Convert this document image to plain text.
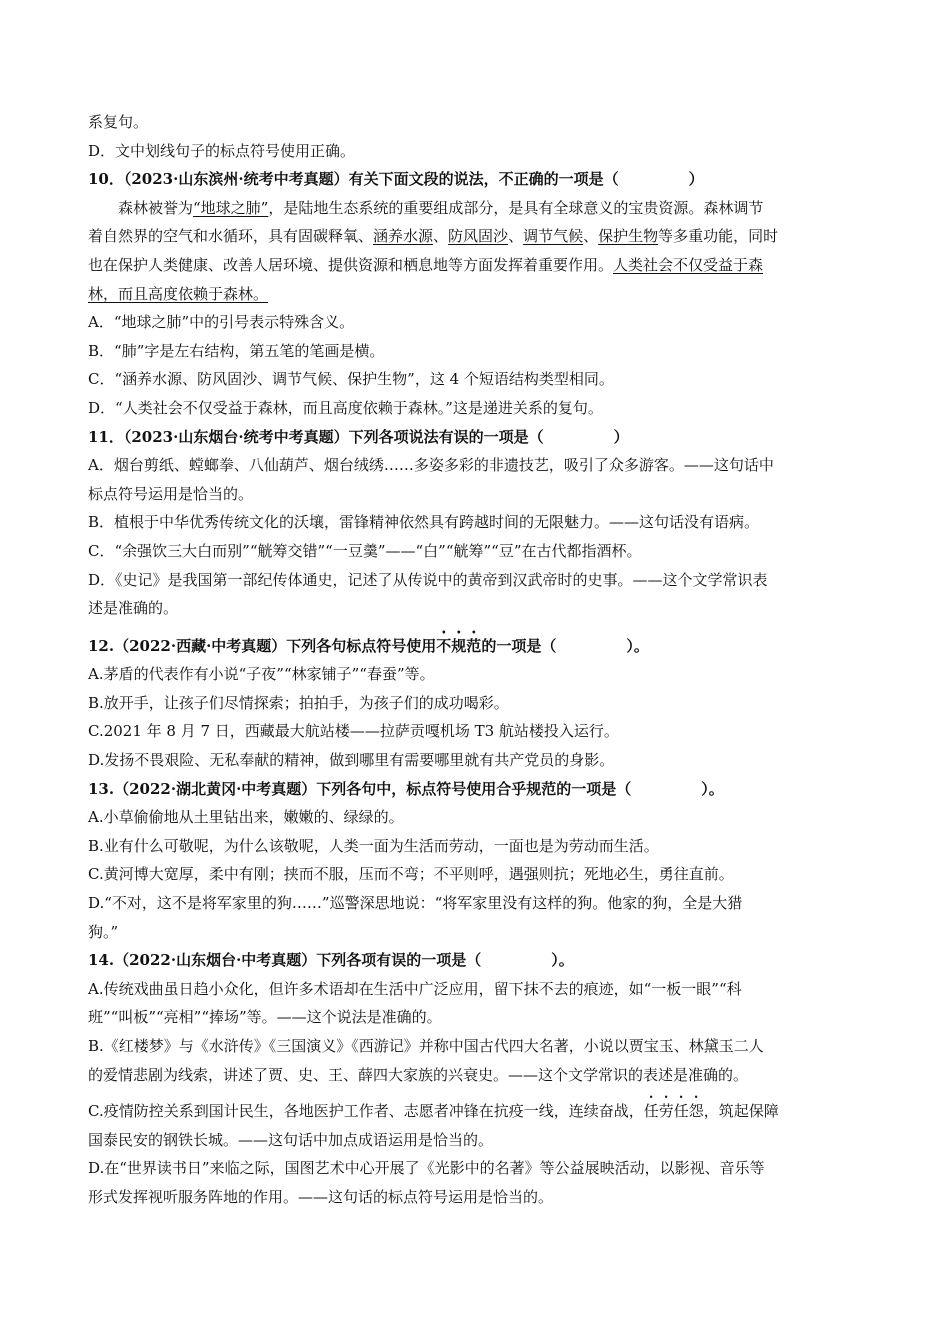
系复句。

D．文中划线句子的标点符号使用正确。

10．（2023·山东滨州·统考中考真题）有关下面文段的说法，不正确的一项是（	）

森林被誉为“地球之肺”，是陆地生态系统的重要组成部分，是具有全球意义的宝贵资源。森林调节

着自然界的空气和水循环，具有固碳释氧、涵养水源、防风固沙、调节气候、保护生物等多重功能，同时

也在保护人类健康、改善人居环境、提供资源和栖息地等方面发挥着重要作用。人类社会不仅受益于森

林，而且高度依赖于森林。

A．“地球之肺”中的引号表示特殊含义。

B．“肺”字是左右结构，第五笔的笔画是横。

C．“涵养水源、防风固沙、调节气候、保护生物”，这 4 个短语结构类型相同。

D．“人类社会不仅受益于森林，而且高度依赖于森林。”这是递进关系的复句。

11．（2023·山东烟台·统考中考真题）下列各项说法有误的一项是（	）

A．烟台剪纸、螳螂拳、八仙葫芦、烟台绒绣……多姿多彩的非遗技艺，吸引了众多游客。——这句话中

标点符号运用是恰当的。

B．植根于中华优秀传统文化的沃壤，雷锋精神依然具有跨越时间的无限魅力。——这句话没有语病。

C．“余强饮三大白而别”“觥筹交错”“一豆羹”——“白”“觥筹”“豆”在古代都指酒杯。

D．《史记》是我国第一部纪传体通史，记述了从传说中的黄帝到汉武帝时的史事。——这个文学常识表

述是准确的。

12.（2022·西藏·中考真题）下列各句标点符号使用不规范的一项是（	）。

A.茅盾的代表作有小说“子夜”“林家铺子”“春蚕”等。

B.放开手，让孩子们尽情探索；拍拍手，为孩子们的成功喝彩。

C.2021 年 8 月 7 日，西藏最大航站楼——拉萨贡嘎机场 T3 航站楼投入运行。

D.发扬不畏艰险、无私奉献的精神，做到哪里有需要哪里就有共产党员的身影。

13.（2022·湖北黄冈·中考真题）下列各句中，标点符号使用合乎规范的一项是（	）。

A.小草偷偷地从土里钻出来，嫩嫩的、绿绿的。

B.业有什么可敬呢，为什么该敬呢，人类一面为生活而劳动，一面也是为劳动而生活。

C.黄河博大宽厚，柔中有刚；挟而不服，压而不弯；不平则呼，遇强则抗；死地必生，勇往直前。

D.“不对，这不是将军家里的狗……”巡警深思地说：“将军家里没有这样的狗。他家的狗，全是大猎

狗。”

14.（2022·山东烟台·中考真题）下列各项有误的一项是（	）。

A.传统戏曲虽日趋小众化，但许多术语却在生活中广泛应用，留下抹不去的痕迹，如“一板一眼”“科

班”“叫板”“亮相”“捧场”等。——这个说法是准确的。

B.《红楼梦》与《水浒传》《三国演义》《西游记》并称中国古代四大名著，小说以贾宝玉、林黛玉二人

的爱情悲剧为线索，讲述了贾、史、王、薛四大家族的兴衰史。——这个文学常识的表述是准确的。

C.疫情防控关系到国计民生，各地医护工作者、志愿者冲锋在抗疫一线，连续奋战，任劳任怨，筑起保障

国泰民安的钢铁长城。——这句话中加点成语运用是恰当的。

D.在“世界读书日”来临之际，国图艺术中心开展了《光影中的名著》等公益展映活动，以影视、音乐等

形式发挥视听服务阵地的作用。——这句话的标点符号运用是恰当的。
